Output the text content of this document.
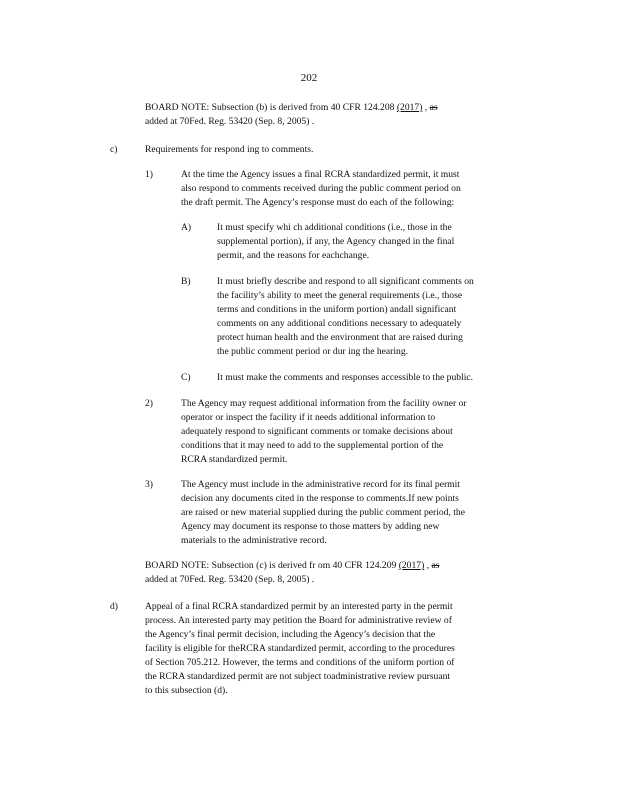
202
BOARD NOTE: Subsection (b) is derived from 40 CFR 124.208 (2017) , as
added at 70Fed. Reg. 53420 (Sep. 8, 2005) .
c)	Requirements for respond ing to comments.
1)	At the time the Agency issues a final RCRA standardized permit, it must
also respond to comments received during the public comment period on
the draft permit. The Agency’s response must do each of the following:
A)	It must specify whi ch additional conditions (i.e., those in the
supplemental portion), if any, the Agency changed in the final
permit, and the reasons for eachchange.
B)	It must briefly describe and respond to all significant comments on
the facility’s ability to meet the general requirements (i.e., those
terms and conditions in the uniform portion) andall significant
comments on any additional conditions necessary to adequately
protect human health and the environment that are raised during
the public comment period or dur ing the hearing.
C)	It must make the comments and responses accessible to the public.
2)	The Agency may request additional information from the facility owner or
operator or inspect the facility if it needs additional information to
adequately respond to significant comments or tomake decisions about
conditions that it may need to add to the supplemental portion of the
RCRA standardized permit.
3)	The Agency must include in the administrative record for its final permit
decision any documents cited in the response to comments.If new points
are raised or new material supplied during the public comment period, the
Agency may document its response to those matters by adding new
materials to the administrative record.
BOARD NOTE: Subsection (c) is derived fr om 40 CFR 124.209 (2017) , as
added at 70Fed. Reg. 53420 (Sep. 8, 2005) .
d)	Appeal of a final RCRA standardized permit by an interested party in the permit
process. An interested party may petition the Board for administrative review of
the Agency’s final permit decision, including the Agency’s decision that the
facility is eligible for theRCRA standardized permit, according to the procedures
of Section 705.212. However, the terms and conditions of the uniform portion of
the RCRA standardized permit are not subject toadministrative review pursuant
to this subsection (d).
